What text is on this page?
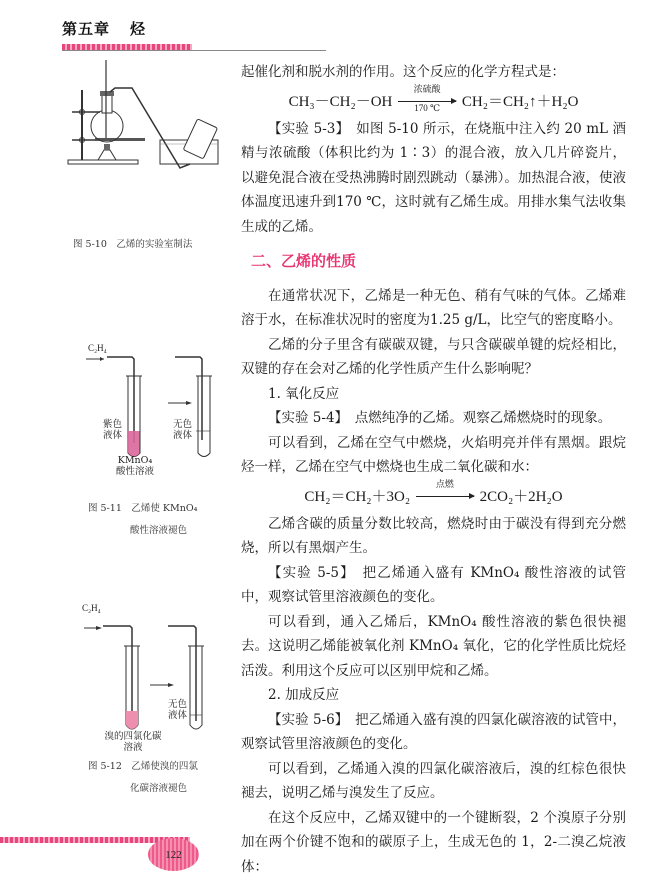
第五章 烃
起催化剂和脱水剂的作用。这个反应的化学方程式是：
CH₃－CH₂－OH
浓硫酸
170 ℃	CH₂＝CH₂↑＋H₂O
【实验 5-3】　如图 5-10 所示，在烧瓶中注入约 20 mL 酒精与浓硫酸（体积比约为 1∶3）的混合液，放入几片碎瓷片，以避免混合液在受热沸腾时剧烈跳动（暴沸）。加热混合液，使液体温度迅速升到170 ℃，这时就有乙烯生成。用排水集气法收集生成的乙烯。
二、乙烯的性质
在通常状况下，乙烯是一种无色、稍有气味的气体。乙烯难溶于水，在标准状况时的密度为1.25 g/L，比空气的密度略小。
乙烯的分子里含有碳碳双键，与只含碳碳单键的烷烃相比，双键的存在会对乙烯的化学性质产生什么影响呢？
1. 氧化反应
【实验 5-4】　点燃纯净的乙烯。观察乙烯燃烧时的现象。
可以看到，乙烯在空气中燃烧，火焰明亮并伴有黑烟。跟烷烃一样，乙烯在空气中燃烧也生成二氧化碳和水：
CH₂＝CH₂＋3O₂
点燃
2CO₂＋2H₂O
乙烯含碳的质量分数比较高，燃烧时由于碳没有得到充分燃烧，所以有黑烟产生。
【实验 5-5】　把乙烯通入盛有 KMnO₄ 酸性溶液的试管中，观察试管里溶液颜色的变化。
可以看到，通入乙烯后，KMnO₄ 酸性溶液的紫色很快褪去。这说明乙烯能被氧化剂 KMnO₄ 氧化，它的化学性质比烷烃活泼。利用这个反应可以区别甲烷和乙烯。
2. 加成反应
【实验 5-6】　把乙烯通入盛有溴的四氯化碳溶液的试管中，观察试管里溶液颜色的变化。
可以看到，乙烯通入溴的四氯化碳溶液后，溴的红棕色很快褪去，说明乙烯与溴发生了反应。
在这个反应中，乙烯双键中的一个键断裂，2 个溴原子分别加在两个价键不饱和的碳原子上，生成无色的 1，2-二溴乙烷液体：
图 5-10　乙烯的实验室制法
C₂H₄
紫色
液体
无色
液体
KMnO₄
酸性溶液
图 5-11　乙烯使 KMnO₄
酸性溶液褪色
C₂H₄
无色
液体
溴的四氯化碳
溶液
图 5-12　乙烯使溴的四氯
化碳溶液褪色
122
